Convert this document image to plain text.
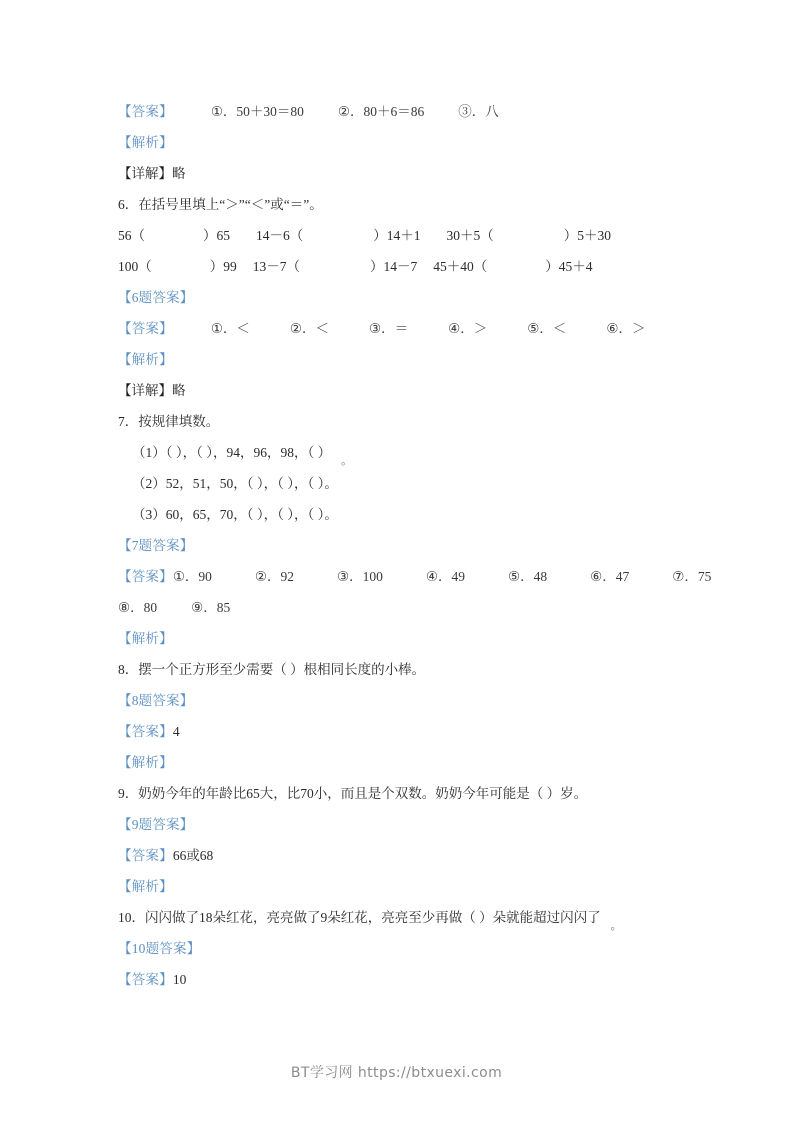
【答案】	①．50＋30＝80	②．80＋6＝86	③．八
【解析】
【详解】略
6．在括号里填上“＞”“＜”或“＝”。
56（	）65 14－6（	）14＋1 30＋5（	）5＋30
100（	）99 13－7（	）14－7 45＋40（	）45＋4
【6题答案】
【答案】	①．＜	②．＜	③．＝	④．＞	⑤．＜	⑥．＞
【解析】
【详解】略
7．按规律填数。
（1）（ ），（ ），94，96，98，（ ）。
（2）52，51，50，（ ），（ ），（ ）。
（3）60，65，70，（ ），（ ），（ ）。
【7题答案】
【答案】 ①．90	②．92	③．100	④．49	⑤．48	⑥．47	⑦．75
⑧．80	⑨．85
【解析】
8．摆一个正方形至少需要（ ）根相同长度的小棒。
【8题答案】
【答案】4
【解析】
9．奶奶今年的年龄比65大，比70小，而且是个双数。奶奶今年可能是（ ）岁。
【9题答案】
【答案】66或68
【解析】
10．闪闪做了18朵红花，亮亮做了9朵红花，亮亮至少再做（ ）朵就能超过闪闪了。
【10题答案】
【答案】10
BT学习网 https://btxuexi.com
